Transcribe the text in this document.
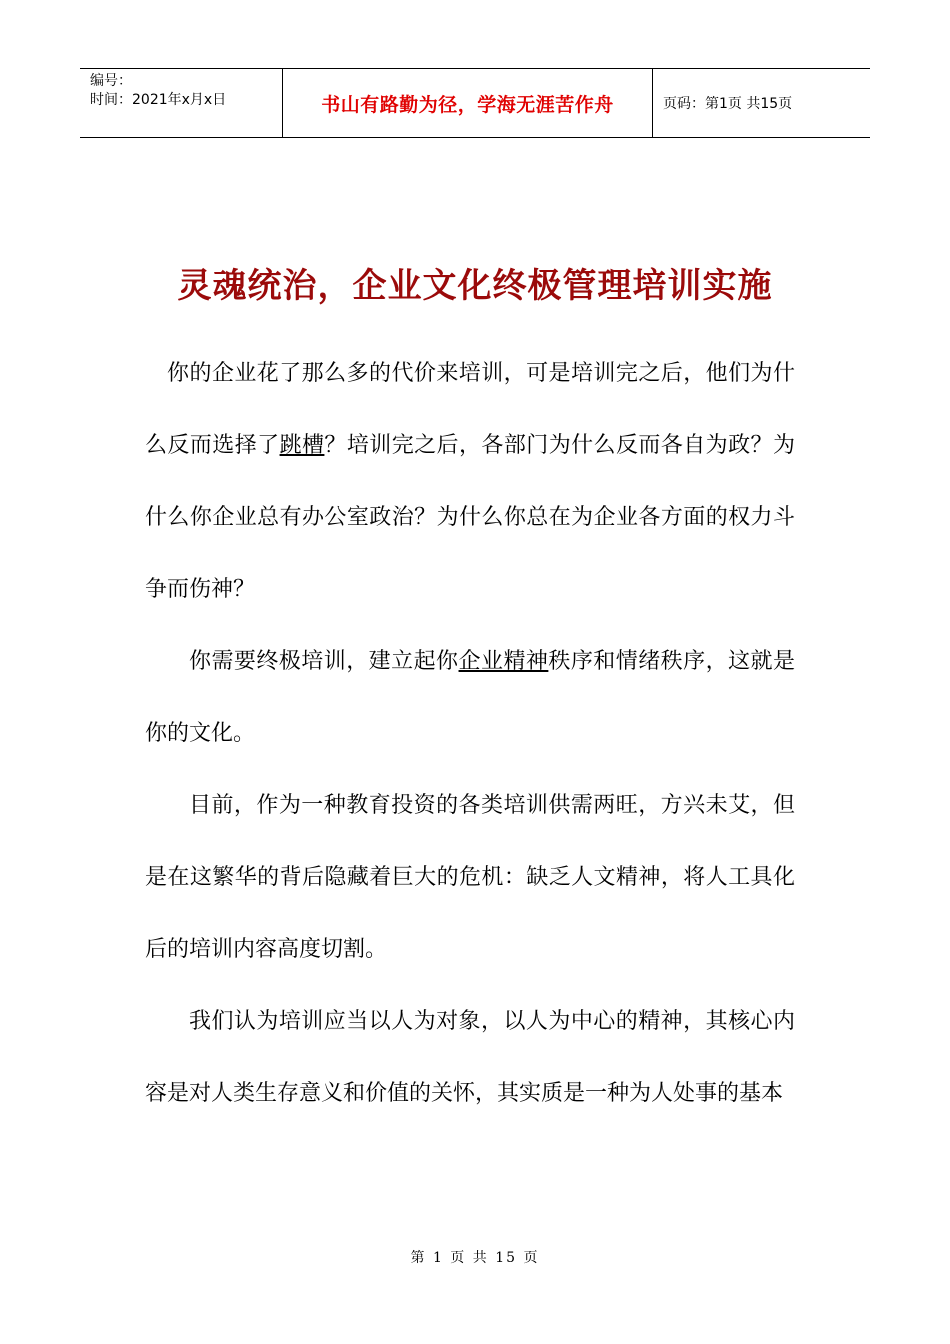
编号：
时间：2021年x月x日	书山有路勤为径，学海无涯苦作舟	页码：第1页 共15页
灵魂统治，企业文化终极管理培训实施

你的企业花了那么多的代价来培训，可是培训完之后，他们为什么反而选择了跳槽？培训完之后，各部门为什么反而各自为政？为什么你企业总有办公室政治？为什么你总在为企业各方面的权力斗争而伤神？

你需要终极培训，建立起你企业精神秩序和情绪秩序，这就是你的文化。

目前，作为一种教育投资的各类培训供需两旺，方兴未艾，但是在这繁华的背后隐藏着巨大的危机：缺乏人文精神，将人工具化后的培训内容高度切割。

我们认为培训应当以人为对象，以人为中心的精神，其核心内容是对人类生存意义和价值的关怀，其实质是一种为人处事的基本

第 1 页 共 15 页
